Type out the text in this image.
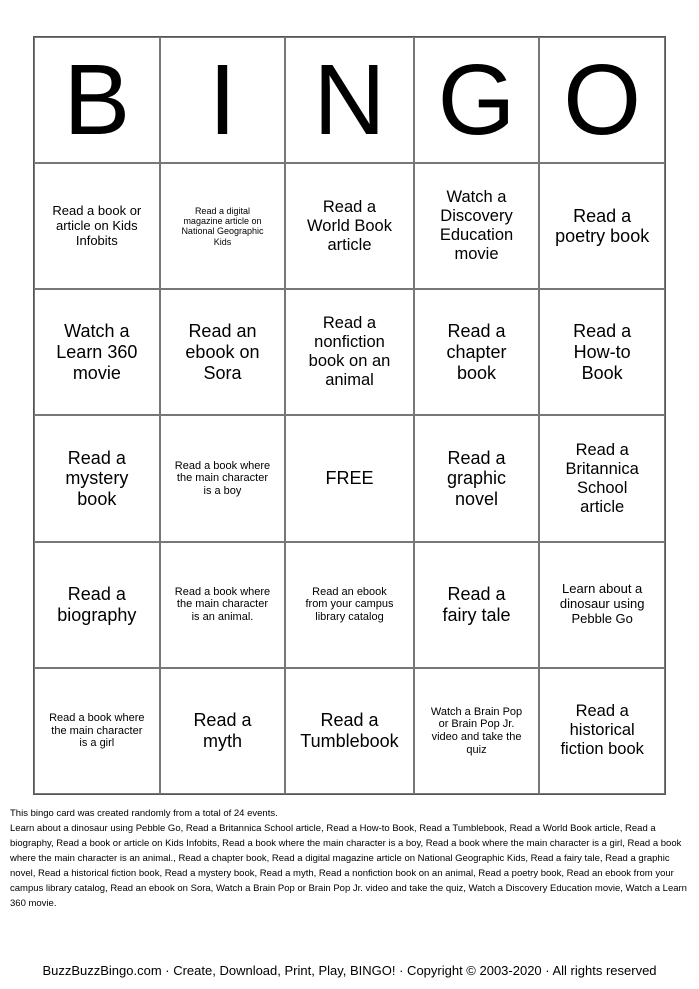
B I N G O
Read a book or article on Kids Infobits
Read a digital magazine article on National Geographic Kids
Read a World Book article
Watch a Discovery Education movie
Read a poetry book
Watch a Learn 360 movie
Read an ebook on Sora
Read a nonfiction book on an animal
Read a chapter book
Read a How-to Book
Read a mystery book
Read a book where the main character is a boy
FREE
Read a graphic novel
Read a Britannica School article
Read a biography
Read a book where the main character is an animal.
Read an ebook from your campus library catalog
Read a fairy tale
Learn about a dinosaur using Pebble Go
Read a book where the main character is a girl
Read a myth
Read a Tumblebook
Watch a Brain Pop or Brain Pop Jr. video and take the quiz
Read a historical fiction book
This bingo card was created randomly from a total of 24 events.
Learn about a dinosaur using Pebble Go, Read a Britannica School article, Read a How-to Book, Read a Tumblebook, Read a World Book article, Read a biography, Read a book or article on Kids Infobits, Read a book where the main character is a boy, Read a book where the main character is a girl, Read a book where the main character is an animal., Read a chapter book, Read a digital magazine article on National Geographic Kids, Read a fairy tale, Read a graphic novel, Read a historical fiction book, Read a mystery book, Read a myth, Read a nonfiction book on an animal, Read a poetry book, Read an ebook from your campus library catalog, Read an ebook on Sora, Watch a Brain Pop or Brain Pop Jr. video and take the quiz, Watch a Discovery Education movie, Watch a Learn 360 movie.
BuzzBuzzBingo.com · Create, Download, Print, Play, BINGO! · Copyright © 2003-2020 · All rights reserved
